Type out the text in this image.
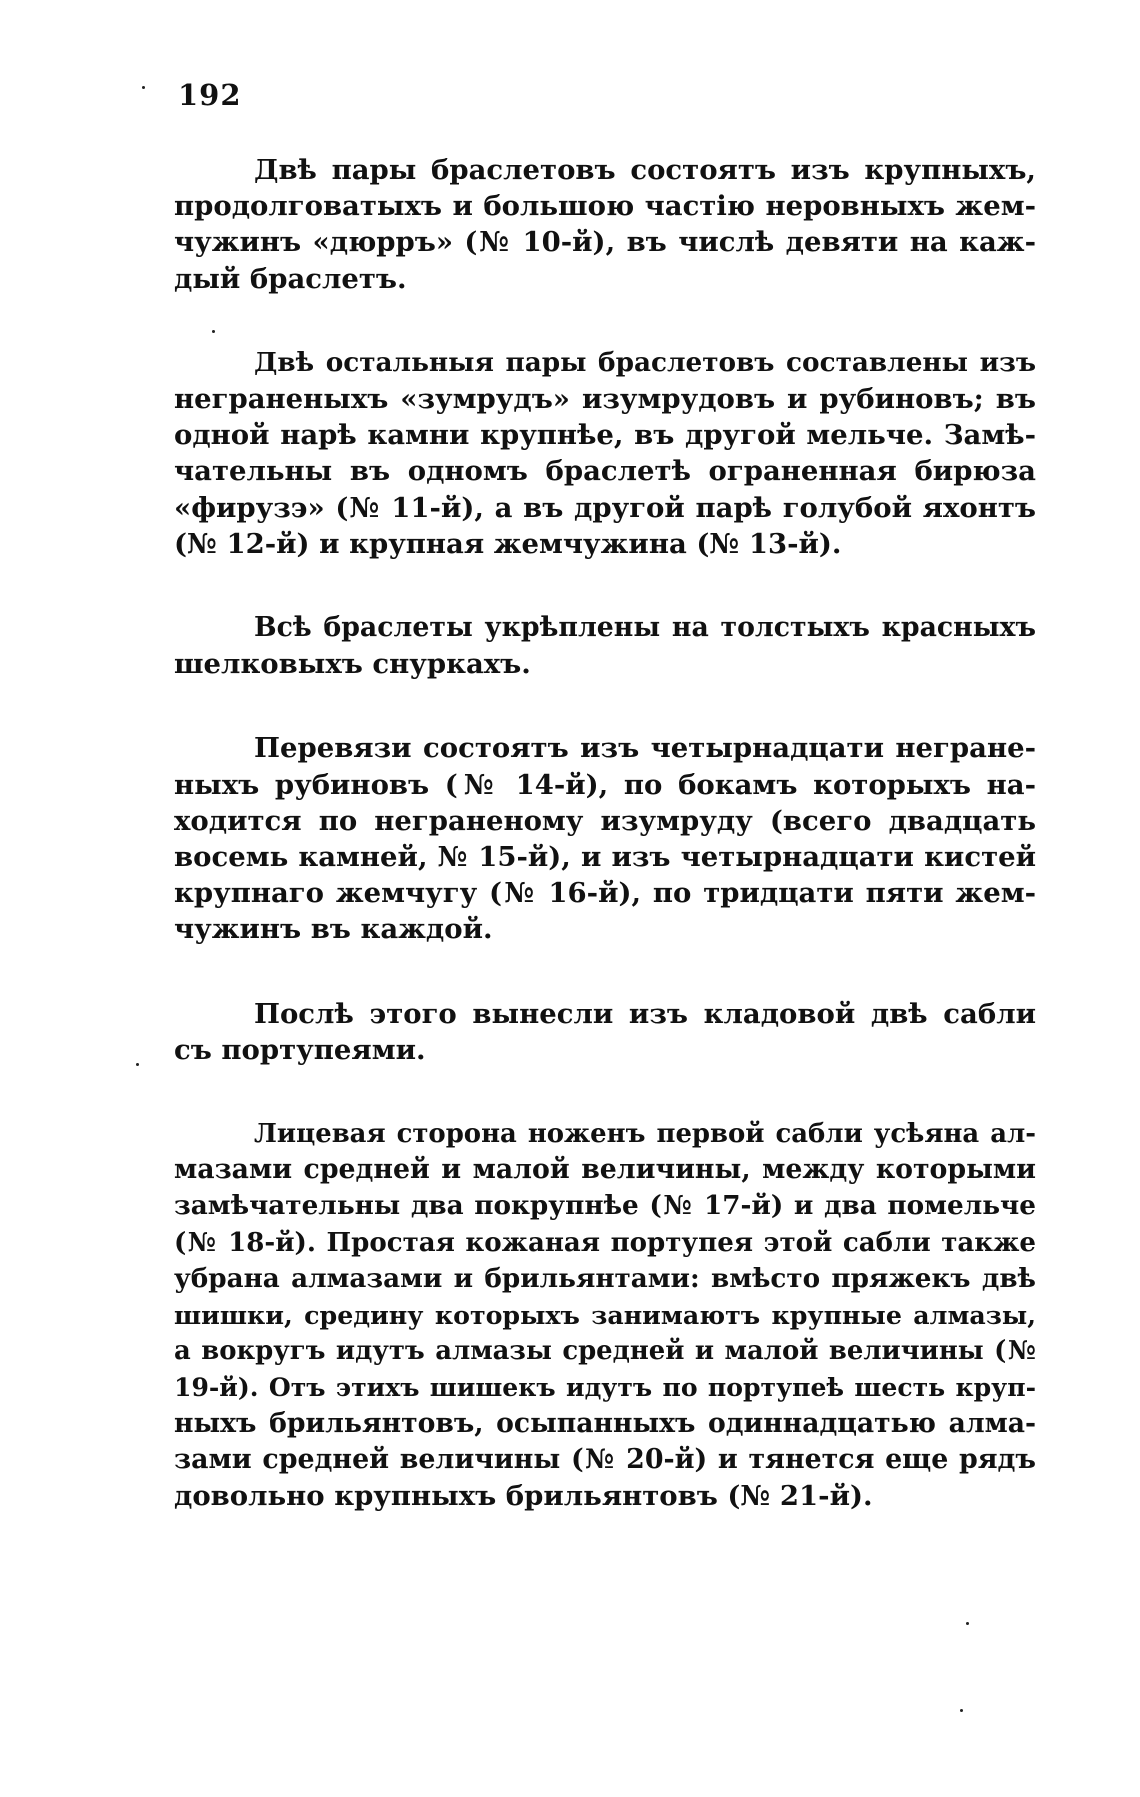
192

Двѣ пары браслетовъ состоятъ изъ крупныхъ,
продолговатыхъ и большою частію неровныхъ жем-
чужинъ «дюрръ» (№ 10-й), въ числѣ девяти на каж-
дый браслетъ.

Двѣ остальныя пары браслетовъ составлены изъ
неграненыхъ «зумрудъ» изумрудовъ и рубиновъ; въ
одной нарѣ камни крупнѣе, въ другой мельче. Замѣ-
чательны въ одномъ браслетѣ ограненная бирюза
«фирузэ» (№ 11-й), а въ другой парѣ голубой яхонтъ
(№ 12-й) и крупная жемчужина (№ 13-й).

Всѣ браслеты укрѣплены на толстыхъ красныхъ
шелковыхъ снуркахъ.

Перевязи состоятъ изъ четырнадцати негране-
ныхъ рубиновъ (№ 14-й), по бокамъ которыхъ на-
ходится по неграненому изумруду (всего двадцать
восемь камней, № 15-й), и изъ четырнадцати кистей
крупнаго жемчугу (№ 16-й), по тридцати пяти жем-
чужинъ въ каждой.

Послѣ этого вынесли изъ кладовой двѣ сабли
съ портупеями.

Лицевая сторона ноженъ первой сабли усѣяна ал-
мазами средней и малой величины, между которыми
замѣчательны два покрупнѣе (№ 17-й) и два помельче
(№ 18-й). Простая кожаная портупея этой сабли также
убрана алмазами и брильянтами: вмѣсто пряжекъ двѣ
шишки, средину которыхъ занимаютъ крупные алмазы,
а вокругъ идутъ алмазы средней и малой величины (№
19-й). Отъ этихъ шишекъ идутъ по портупеѣ шесть круп-
ныхъ брильянтовъ, осыпанныхъ одиннадцатью алма-
зами средней величины (№ 20-й) и тянется еще рядъ
довольно крупныхъ брильянтовъ (№ 21-й).
